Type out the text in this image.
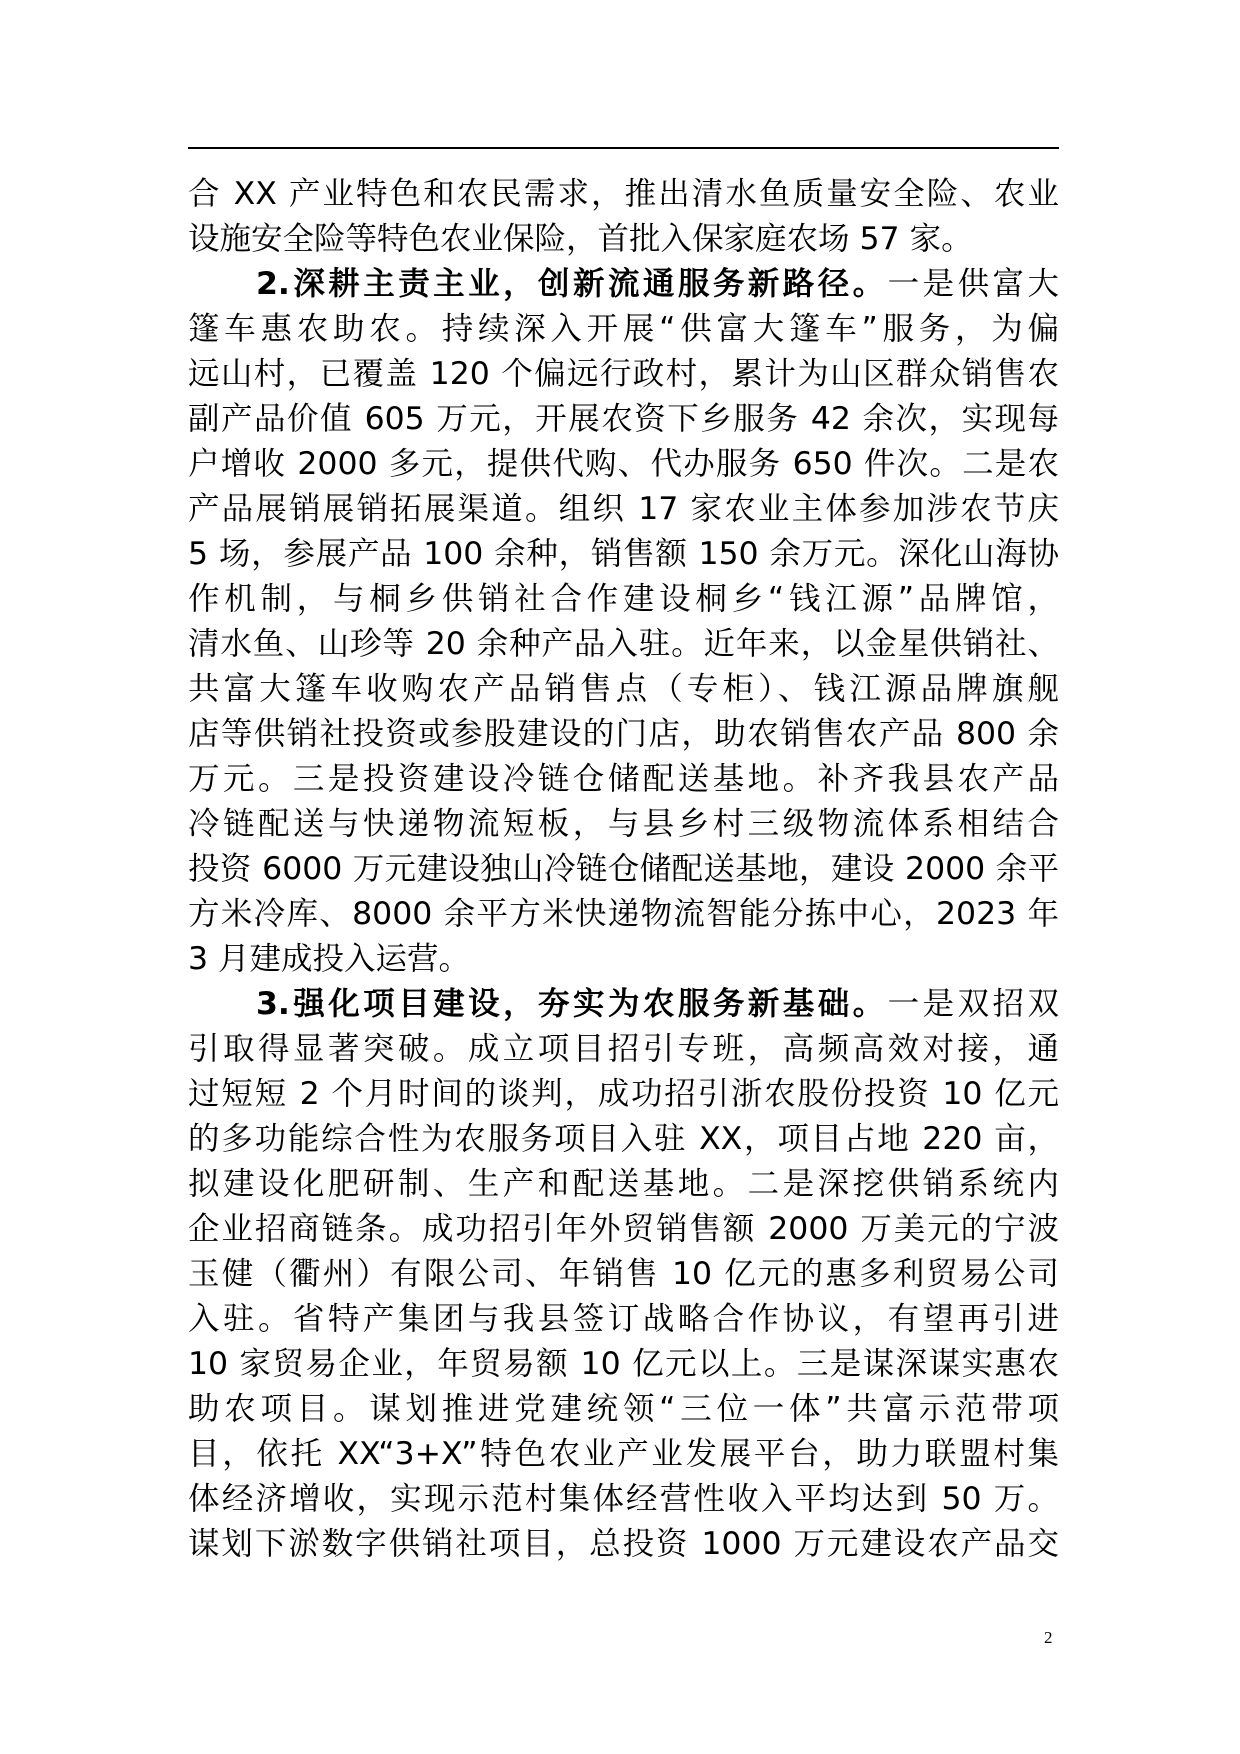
合 XX 产业特色和农民需求，推出清水鱼质量安全险、农业
设施安全险等特色农业保险，首批入保家庭农场 57 家。
2.深耕主责主业，创新流通服务新路径。一是供富大
篷车惠农助农。持续深入开展“供富大篷车”服务，为偏
远山村，已覆盖 120 个偏远行政村，累计为山区群众销售农
副产品价值 605 万元，开展农资下乡服务 42 余次，实现每
户增收 2000 多元，提供代购、代办服务 650 件次。二是农
产品展销展销拓展渠道。组织 17 家农业主体参加涉农节庆
5 场，参展产品 100 余种，销售额 150 余万元。深化山海协
作机制，与桐乡供销社合作建设桐乡“钱江源”品牌馆，
清水鱼、山珍等 20 余种产品入驻。近年来，以金星供销社、
共富大篷车收购农产品销售点（专柜）、钱江源品牌旗舰
店等供销社投资或参股建设的门店，助农销售农产品 800 余
万元。三是投资建设冷链仓储配送基地。补齐我县农产品
冷链配送与快递物流短板，与县乡村三级物流体系相结合
投资 6000 万元建设独山冷链仓储配送基地，建设 2000 余平
方米冷库、8000 余平方米快递物流智能分拣中心，2023 年
3 月建成投入运营。
3.强化项目建设，夯实为农服务新基础。一是双招双
引取得显著突破。成立项目招引专班，高频高效对接，通
过短短 2 个月时间的谈判，成功招引浙农股份投资 10 亿元
的多功能综合性为农服务项目入驻 XX，项目占地 220 亩，
拟建设化肥研制、生产和配送基地。二是深挖供销系统内
企业招商链条。成功招引年外贸销售额 2000 万美元的宁波
玉健（衢州）有限公司、年销售 10 亿元的惠多利贸易公司
入驻。省特产集团与我县签订战略合作协议，有望再引进
10 家贸易企业，年贸易额 10 亿元以上。三是谋深谋实惠农
助农项目。谋划推进党建统领“三位一体”共富示范带项
目，依托 XX“3+X”特色农业产业发展平台，助力联盟村集
体经济增收，实现示范村集体经营性收入平均达到 50 万。
谋划下淤数字供销社项目，总投资 1000 万元建设农产品交
2
